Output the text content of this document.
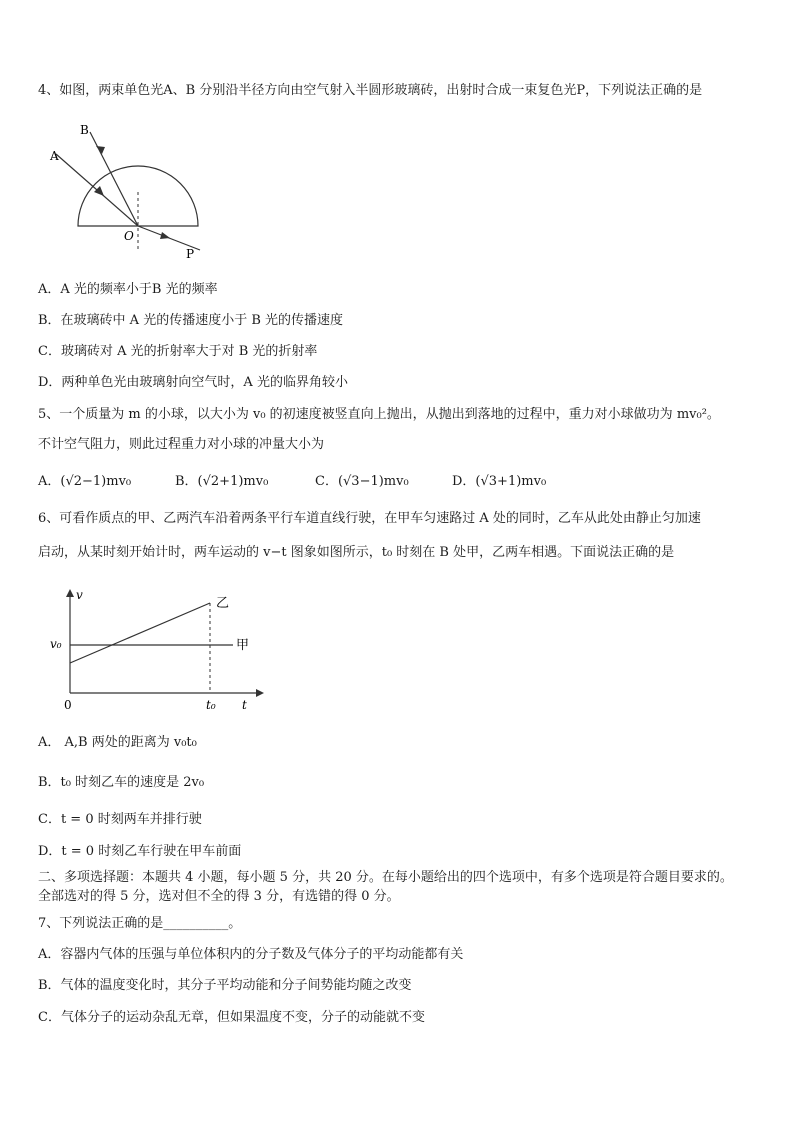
4、如图，两束单色光A、B 分别沿半径方向由空气射入半圆形玻璃砖，出射时合成一束复色光P，下列说法正确的是
A
B
O
P
A．A 光的频率小于B 光的频率
B．在玻璃砖中 A 光的传播速度小于 B 光的传播速度
C．玻璃砖对 A 光的折射率大于对 B 光的折射率
D．两种单色光由玻璃射向空气时，A 光的临界角较小
5、一个质量为 m 的小球，以大小为 v₀ 的初速度被竖直向上抛出，从抛出到落地的过程中，重力对小球做功为 mv₀²。
不计空气阻力，则此过程重力对小球的冲量大小为
A．(√2−1)mv₀	B．(√2+1)mv₀	C．(√3−1)mv₀	D．(√3+1)mv₀
6、可看作质点的甲、乙两汽车沿着两条平行车道直线行驶，在甲车匀速路过 A 处的同时，乙车从此处由静止匀加速
启动，从某时刻开始计时，两车运动的 v−t 图象如图所示，t₀ 时刻在 B 处甲，乙两车相遇。下面说法正确的是
v
t
0
v₀
t₀
乙
甲
A． A,B 两处的距离为 v₀t₀
B．t₀ 时刻乙车的速度是 2v₀
C．t = 0 时刻两车并排行驶
D．t = 0 时刻乙车行驶在甲车前面
二、多项选择题：本题共 4 小题，每小题 5 分，共 20 分。在每小题给出的四个选项中，有多个选项是符合题目要求的。
全部选对的得 5 分，选对但不全的得 3 分，有选错的得 0 分。
7、下列说法正确的是__________。
A．容器内气体的压强与单位体积内的分子数及气体分子的平均动能都有关
B．气体的温度变化时，其分子平均动能和分子间势能均随之改变
C．气体分子的运动杂乱无章，但如果温度不变，分子的动能就不变
